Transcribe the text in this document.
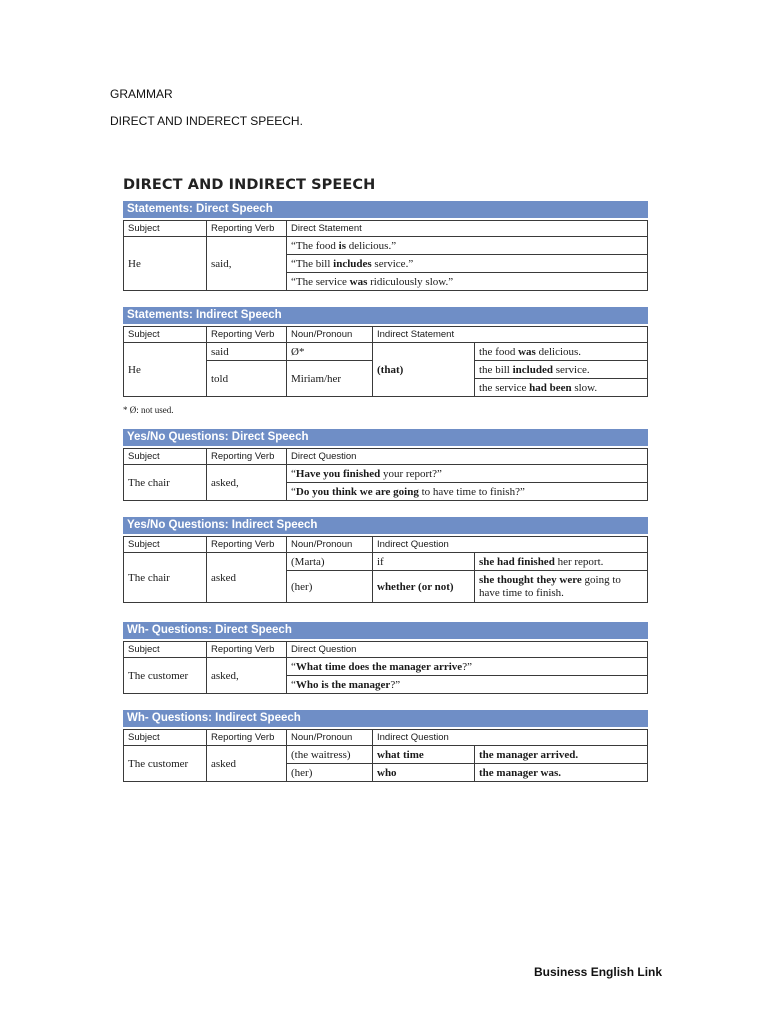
GRAMMAR
DIRECT AND INDERECT SPEECH.
DIRECT AND INDIRECT SPEECH
Statements: Direct Speech
Subject	Reporting Verb	Direct Statement
He	said,	“The food is delicious.”
		“The bill includes service.”
		“The service was ridiculously slow.”
Statements: Indirect Speech
Subject	Reporting Verb	Noun/Pronoun	Indirect Statement	
He	said	Ø*	(that)	the food was delicious.
	told	Miriam/her		the bill included service.
				the service had been slow.
* Ø: not used.
Yes/No Questions: Direct Speech
Subject	Reporting Verb	Direct Question
The chair	asked,	“Have you finished your report?”
		“Do you think we are going to have time to finish?”
Yes/No Questions: Indirect Speech
Subject	Reporting Verb	Noun/Pronoun	Indirect Question	
The chair	asked	(Marta)	if	she had finished her report.
		(her)	whether (or not)	she thought they were going to have time to finish.
Wh- Questions: Direct Speech
Subject	Reporting Verb	Direct Question
The customer	asked,	“What time does the manager arrive?”
		“Who is the manager?”
Wh- Questions: Indirect Speech
Subject	Reporting Verb	Noun/Pronoun	Indirect Question	
The customer	asked	(the waitress)	what time	the manager arrived.
		(her)	who	the manager was.
Business English Link
